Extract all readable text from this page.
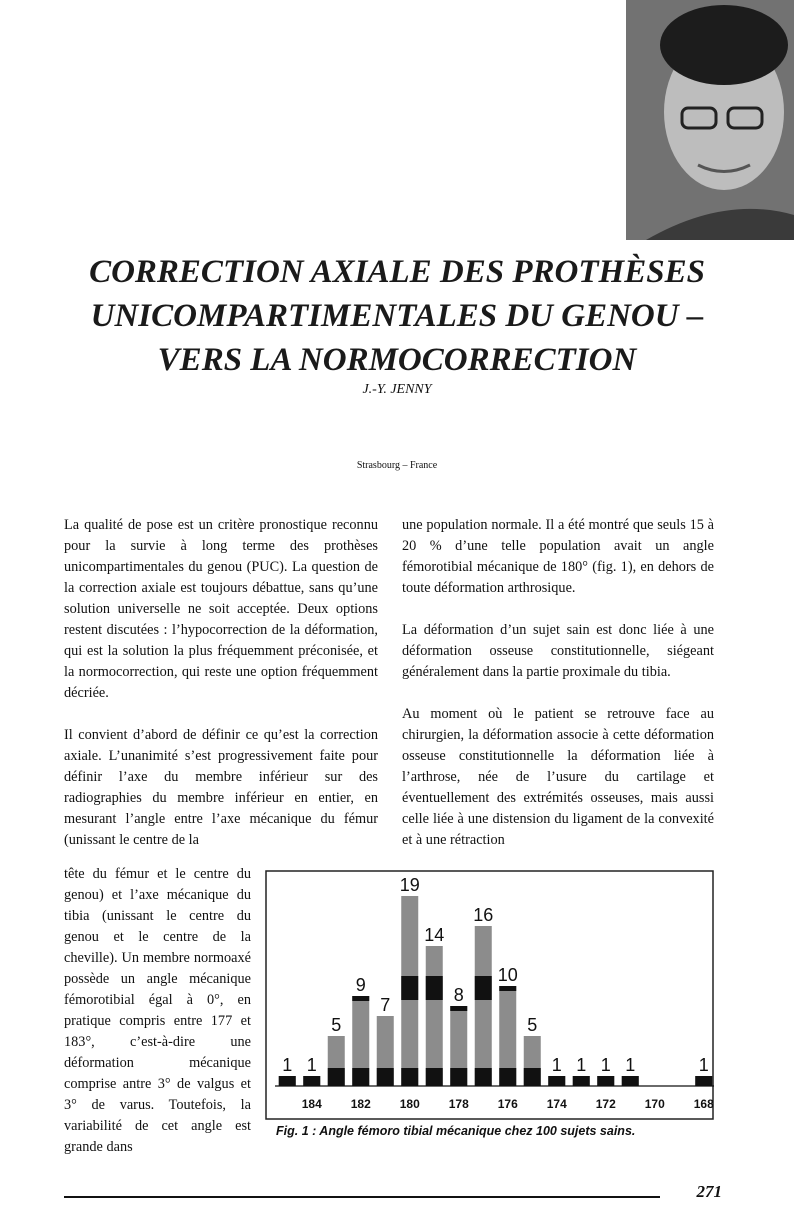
CORRECTION AXIALE DES PROTHÈSES
UNICOMPARTIMENTALES DU GENOU –
VERS LA NORMOCORRECTION
J.-Y. JENNY
Strasbourg – France

La qualité de pose est un critère pronostique reconnu pour la survie à long terme des prothèses unicompartimentales du genou (PUC). La question de la correction axiale est toujours débattue, sans qu’une solution universelle ne soit acceptée. Deux options restent discutées : l’hypocorrection de la déformation, qui est la solution la plus fréquemment préconisée, et la normocorrection, qui reste une option fréquemment décriée.

Il convient d’abord de définir ce qu’est la correction axiale. L’unanimité s’est progressivement faite pour définir l’axe du membre inférieur sur des radiographies du membre inférieur en entier, en mesurant l’angle entre l’axe mécanique du fémur (unissant le centre de la

tête du fémur et le centre du genou) et l’axe mécanique du tibia (unissant le centre du genou et le centre de la cheville). Un membre normoaxé possède un angle mécanique fémorotibial égal à 0°, en pratique compris entre 177 et 183°, c’est-à-dire une déformation mécanique comprise antre 3° de valgus et 3° de varus. Toutefois, la variabilité de cet angle est grande dans

une population normale. Il a été montré que seuls 15 à 20 % d’une telle population avait un angle fémorotibial mécanique de 180° (fig. 1), en dehors de toute déformation arthrosique.

La déformation d’un sujet sain est donc liée à une déformation osseuse constitutionnelle, siégeant généralement dans la partie proximale du tibia.

Au moment où le patient se retrouve face au chirurgien, la déformation associe à cette déformation osseuse constitutionnelle la déformation liée à l’arthrose, née de l’usure du cartilage et éventuellement des extrémités osseuses, mais aussi celle liée à une distension du ligament de la convexité et à une rétraction

1 1
5
9
7
19
14
8
16
10
5
1 1 1 1	1
184 182 180 178 176 174 172 170 168
Fig. 1 : Angle fémoro tibial mécanique chez 100 sujets sains.
271
